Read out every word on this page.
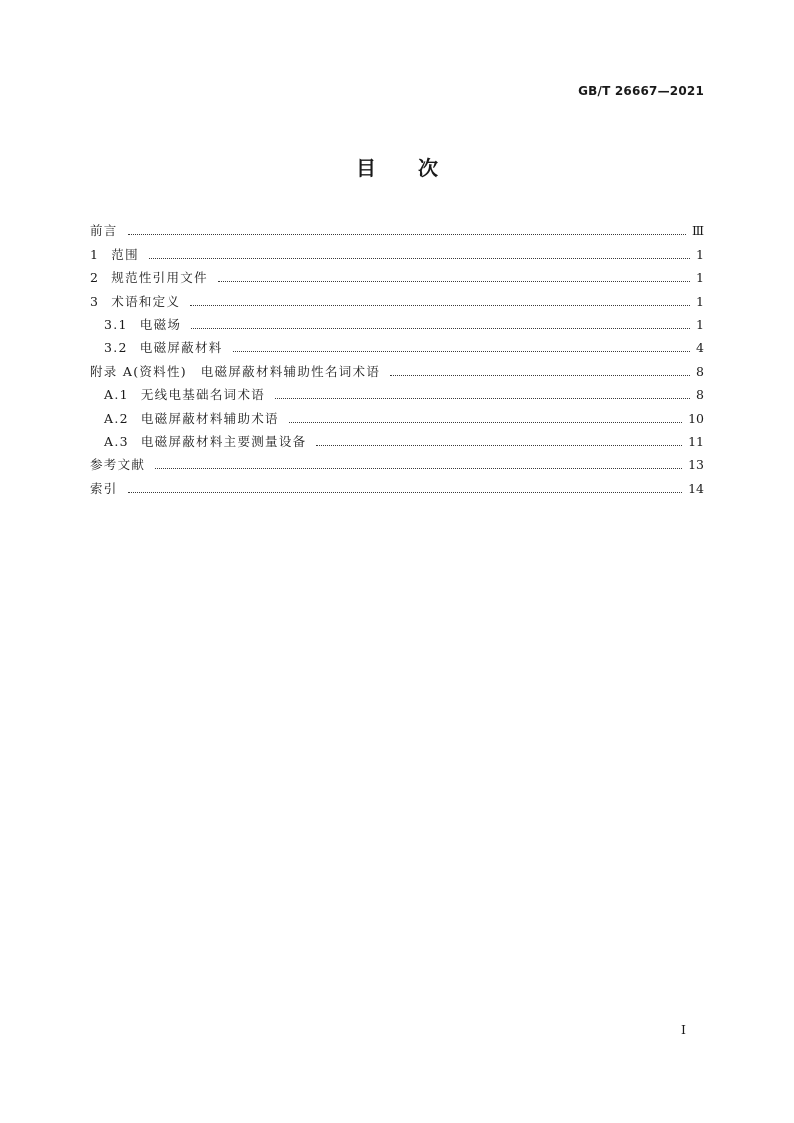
GB/T 26667—2021
目次
前言	Ⅲ
1 范围	1
2 规范性引用文件	1
3 术语和定义	1
3.1 电磁场	1
3.2 电磁屏蔽材料	4
附录 A(资料性)　电磁屏蔽材料辅助性名词术语	8
A.1 无线电基础名词术语	8
A.2 电磁屏蔽材料辅助术语	10
A.3 电磁屏蔽材料主要测量设备	11
参考文献	13
索引	14
I
